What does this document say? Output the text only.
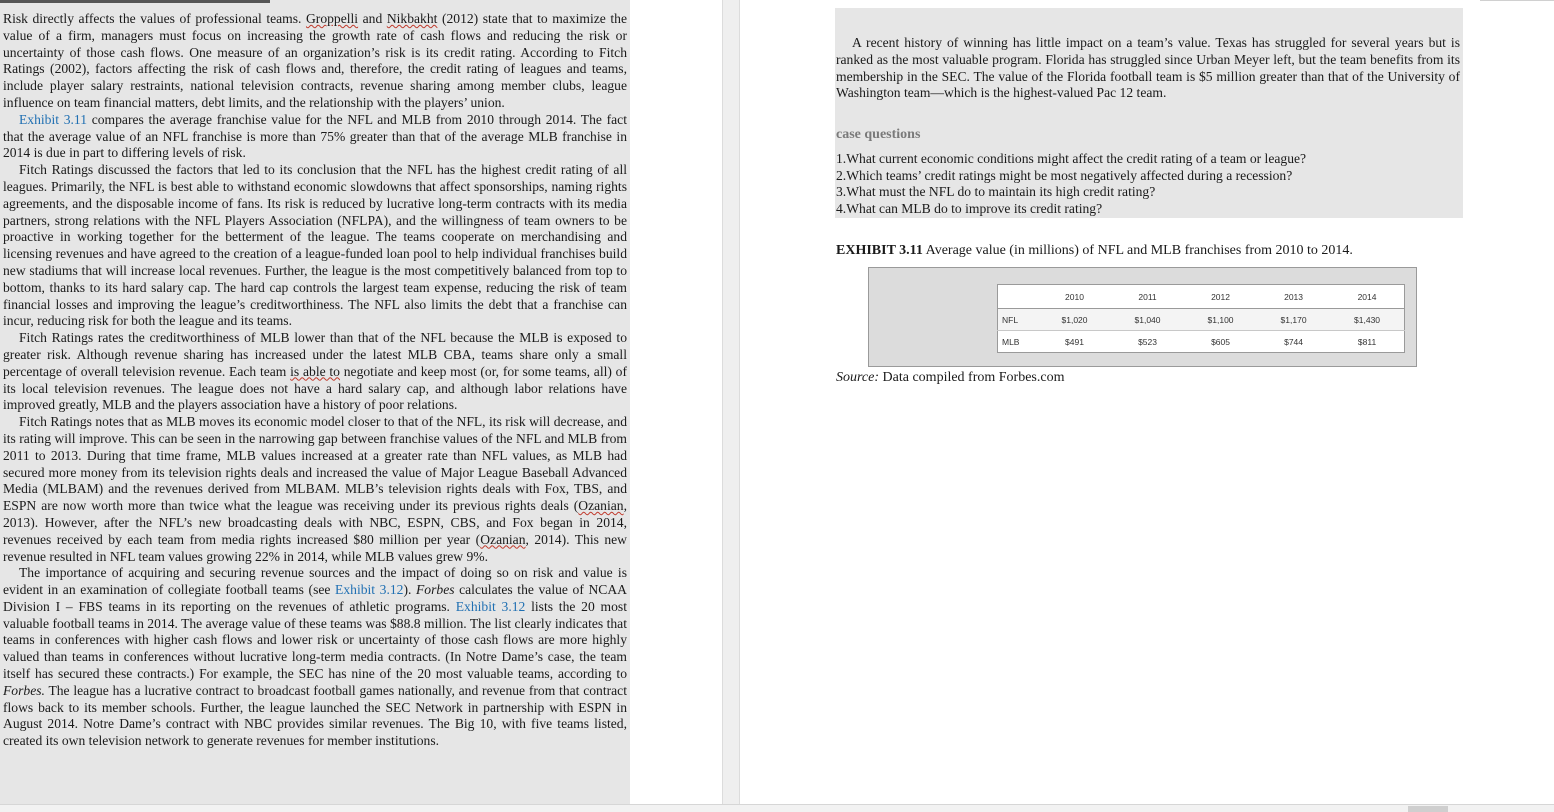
Risk directly affects the values of professional teams. Groppelli and Nikbakht (2012) state that to maximize the value of a firm, managers must focus on increasing the growth rate of cash flows and reducing the risk or uncertainty of those cash flows. One measure of an organization’s risk is its credit rating. According to Fitch Ratings (2002), factors affecting the risk of cash flows and, therefore, the credit rating of leagues and teams, include player salary restraints, national television contracts, revenue sharing among member clubs, league influence on team financial matters, debt limits, and the relationship with the players’ union.

Exhibit 3.11 compares the average franchise value for the NFL and MLB from 2010 through 2014. The fact that the average value of an NFL franchise is more than 75% greater than that of the average MLB franchise in 2014 is due in part to differing levels of risk.

Fitch Ratings discussed the factors that led to its conclusion that the NFL has the highest credit rating of all leagues. Primarily, the NFL is best able to withstand economic slowdowns that affect sponsorships, naming rights agreements, and the disposable income of fans. Its risk is reduced by lucrative long-term contracts with its media partners, strong relations with the NFL Players Association (NFLPA), and the willingness of team owners to be proactive in working together for the betterment of the league. The teams cooperate on merchandising and licensing revenues and have agreed to the creation of a league-funded loan pool to help individual franchises build new stadiums that will increase local revenues. Further, the league is the most competitively balanced from top to bottom, thanks to its hard salary cap. The hard cap controls the largest team expense, reducing the risk of team financial losses and improving the league’s creditworthiness. The NFL also limits the debt that a franchise can incur, reducing risk for both the league and its teams.

Fitch Ratings rates the creditworthiness of MLB lower than that of the NFL because the MLB is exposed to greater risk. Although revenue sharing has increased under the latest MLB CBA, teams share only a small percentage of overall television revenue. Each team is able to negotiate and keep most (or, for some teams, all) of its local television revenues. The league does not have a hard salary cap, and although labor relations have improved greatly, MLB and the players association have a history of poor relations.

Fitch Ratings notes that as MLB moves its economic model closer to that of the NFL, its risk will decrease, and its rating will improve. This can be seen in the narrowing gap between franchise values of the NFL and MLB from 2011 to 2013. During that time frame, MLB values increased at a greater rate than NFL values, as MLB had secured more money from its television rights deals and increased the value of Major League Baseball Advanced Media (MLBAM) and the revenues derived from MLBAM. MLB’s television rights deals with Fox, TBS, and ESPN are now worth more than twice what the league was receiving under its previous rights deals (Ozanian, 2013). However, after the NFL’s new broadcasting deals with NBC, ESPN, CBS, and Fox began in 2014, revenues received by each team from media rights increased $80 million per year (Ozanian, 2014). This new revenue resulted in NFL team values growing 22% in 2014, while MLB values grew 9%.

The importance of acquiring and securing revenue sources and the impact of doing so on risk and value is evident in an examination of collegiate football teams (see Exhibit 3.12). Forbes calculates the value of NCAA Division I – FBS teams in its reporting on the revenues of athletic programs. Exhibit 3.12 lists the 20 most valuable football teams in 2014. The average value of these teams was $88.8 million. The list clearly indicates that teams in conferences with higher cash flows and lower risk or uncertainty of those cash flows are more highly valued than teams in conferences without lucrative long-term media contracts. (In Notre Dame’s case, the team itself has secured these contracts.) For example, the SEC has nine of the 20 most valuable teams, according to Forbes. The league has a lucrative contract to broadcast football games nationally, and revenue from that contract flows back to its member schools. Further, the league launched the SEC Network in partnership with ESPN in August 2014. Notre Dame’s contract with NBC provides similar revenues. The Big 10, with five teams listed, created its own television network to generate revenues for member institutions.

A recent history of winning has little impact on a team’s value. Texas has struggled for several years but is ranked as the most valuable program. Florida has struggled since Urban Meyer left, but the team benefits from its membership in the SEC. The value of the Florida football team is $5 million greater than that of the University of Washington team—which is the highest-valued Pac 12 team.

case questions
1.What current economic conditions might affect the credit rating of a team or league?
2.Which teams’ credit ratings might be most negatively affected during a recession?
3.What must the NFL do to maintain its high credit rating?
4.What can MLB do to improve its credit rating?
EXHIBIT 3.11 Average value (in millions) of NFL and MLB franchises from 2010 to 2014.
	2010	2011	2012	2013	2014
NFL	$1,020	$1,040	$1,100	$1,170	$1,430
MLB	$491	$523	$605	$744	$811
Source: Data compiled from Forbes.com
